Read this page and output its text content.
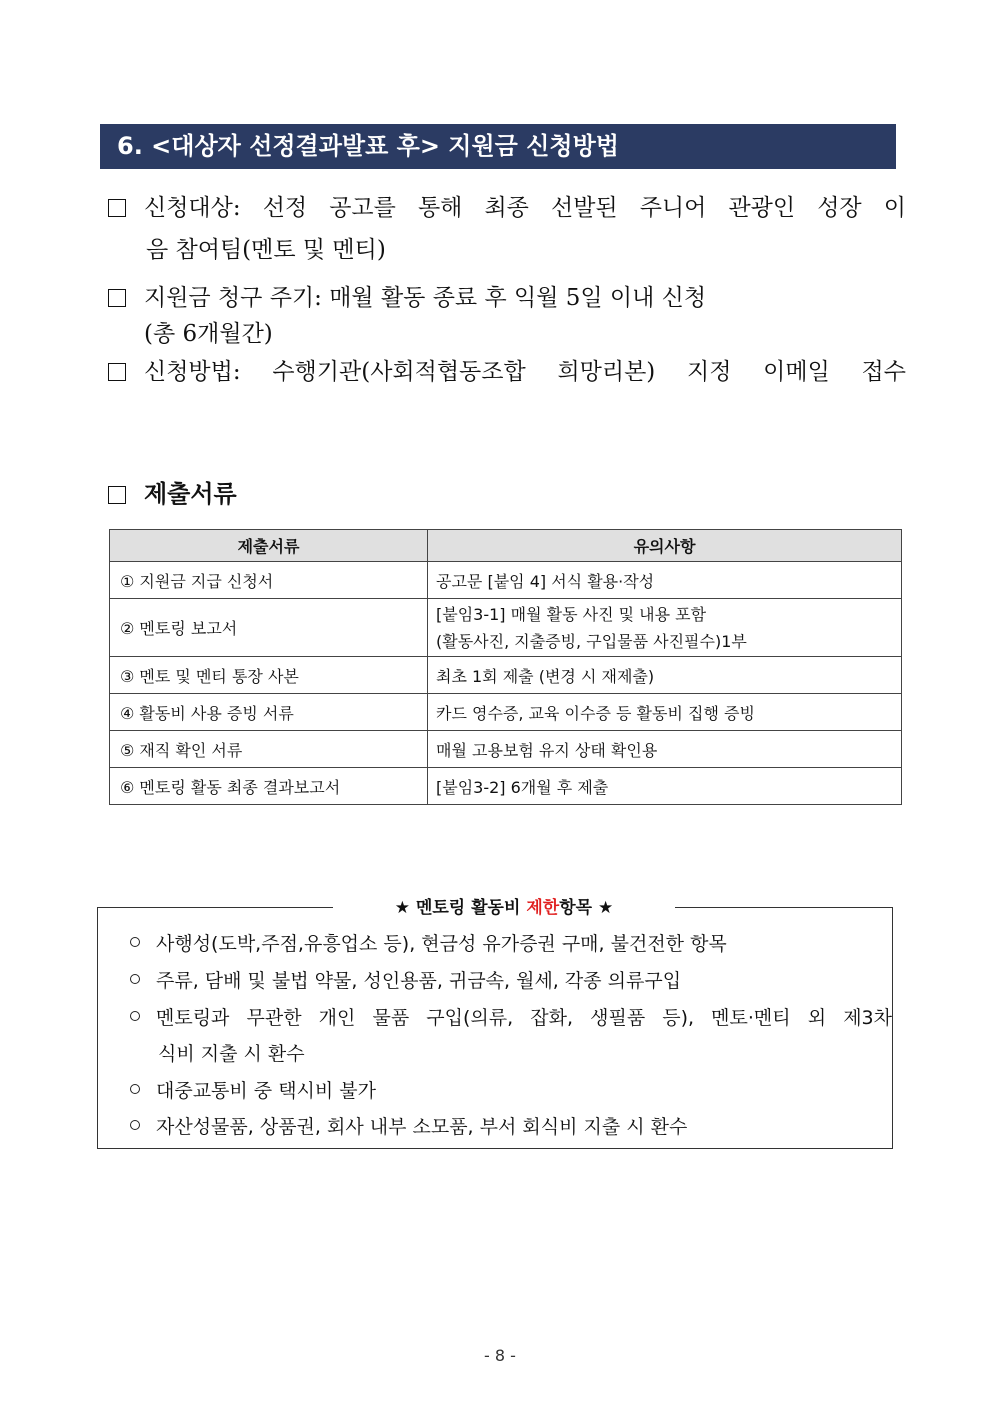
6. <대상자 선정결과발표 후> 지원금 신청방법
신청대상: 선정 공고를 통해 최종 선발된 주니어 관광인 성장 이
음 참여팀(멘토 및 멘티)
지원금 청구 주기: 매월 활동 종료 후 익월 5일 이내 신청
(총 6개월간)
신청방법: 수행기관(사회적협동조합 희망리본) 지정 이메일 접수
제출서류
제출서류	유의사항
① 지원금 지급 신청서	공고문 [붙임 4] 서식 활용·작성
② 멘토링 보고서	[붙임3-1] 매월 활동 사진 및 내용 포함
(활동사진, 지출증빙, 구입물품 사진필수)1부

③ 멘토 및 멘티 통장 사본	최초 1회 제출 (변경 시 재제출)
④ 활동비 사용 증빙 서류	카드 영수증, 교육 이수증 등 활동비 집행 증빙
⑤ 재직 확인 서류	매월 고용보험 유지 상태 확인용
⑥ 멘토링 활동 최종 결과보고서	[붙임3-2] 6개월 후 제출
★ 멘토링 활동비 제한항목 ★
사행성(도박,주점,유흥업소 등), 현금성 유가증권 구매, 불건전한 항목
주류, 담배 및 불법 약물, 성인용품, 귀금속, 월세, 각종 의류구입
멘토링과 무관한 개인 물품 구입(의류, 잡화, 생필품 등), 멘토·멘티 외 제3차
식비 지출 시 환수
대중교통비 중 택시비 불가
자산성물품, 상품권, 회사 내부 소모품, 부서 회식비 지출 시 환수
- 8 -
